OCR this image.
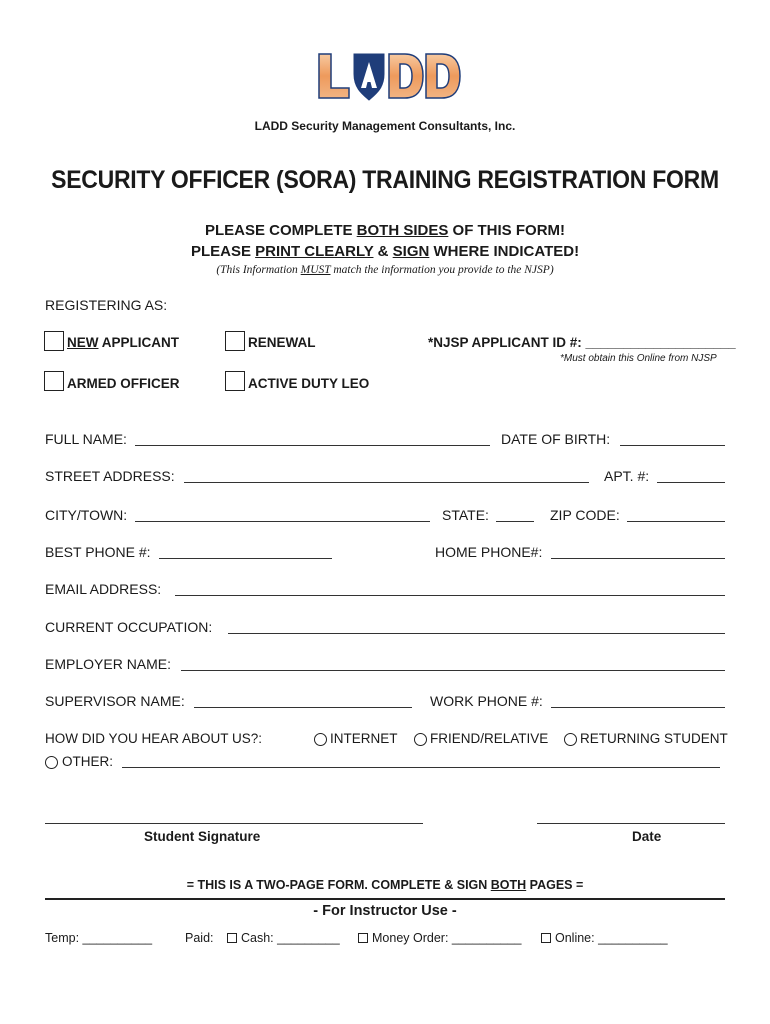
LADD Security Management Consultants, Inc.
SECURITY OFFICER (SORA) TRAINING REGISTRATION FORM
PLEASE COMPLETE BOTH SIDES OF THIS FORM!
PLEASE PRINT CLEARLY & SIGN WHERE INDICATED!
(This Information MUST match the information you provide to the NJSP)
REGISTERING AS:
NEW APPLICANT	RENEWAL	*NJSP APPLICANT ID #: ____________________
*Must obtain this Online from NJSP
ARMED OFFICER	ACTIVE DUTY LEO
FULL NAME:	DATE OF BIRTH:
STREET ADDRESS:	APT. #:
CITY/TOWN:	STATE:	ZIP CODE:
BEST PHONE #:	HOME PHONE#:
EMAIL ADDRESS:
CURRENT OCCUPATION:
EMPLOYER NAME:
SUPERVISOR NAME:	WORK PHONE #:
HOW DID YOU HEAR ABOUT US?:	INTERNET FRIEND/RELATIVE RETURNING STUDENT
OTHER:
Student Signature	Date
= THIS IS A TWO-PAGE FORM. COMPLETE & SIGN BOTH PAGES =
- For Instructor Use -
Temp: __________	Paid: Cash: _________	Money Order: __________	Online: __________
